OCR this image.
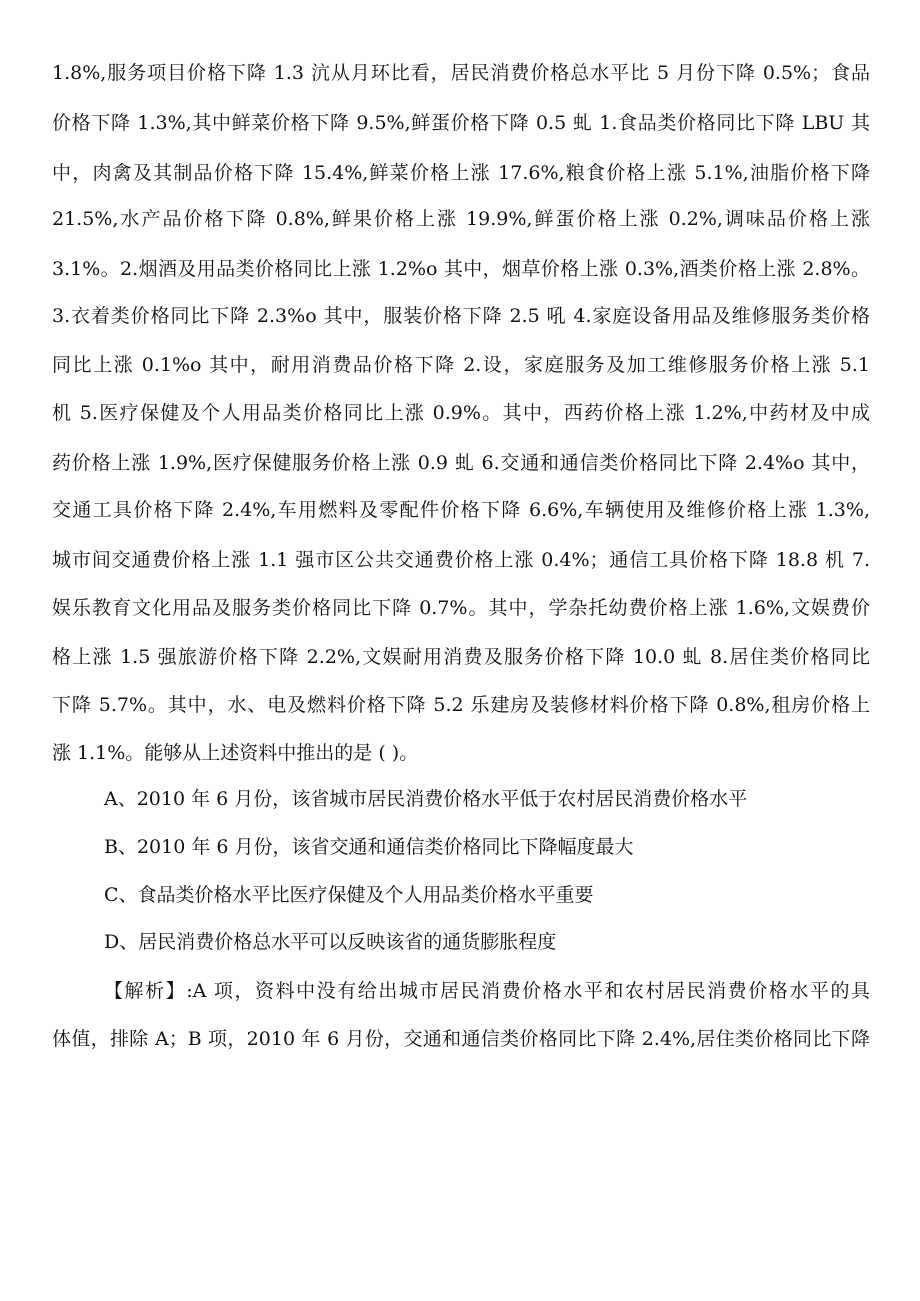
1.8%,服务项目价格下降 1.3 沆从月环比看，居民消费价格总水平比 5 月份下降 0.5%；食品
价格下降 1.3%,其中鲜菜价格下降 9.5%,鲜蛋价格下降 0.5 虬 1.食品类价格同比下降 LBU 其
中，肉禽及其制品价格下降 15.4%,鲜菜价格上涨 17.6%,粮食价格上涨 5.1%,油脂价格下降
21.5%,水产品价格下降 0.8%,鲜果价格上涨 19.9%,鲜蛋价格上涨 0.2%,调味品价格上涨
3.1%。2.烟酒及用品类价格同比上涨 1.2%o 其中，烟草价格上涨 0.3%,酒类价格上涨 2.8%。
3.衣着类价格同比下降 2.3%o 其中，服装价格下降 2.5 吼 4.家庭设备用品及维修服务类价格
同比上涨 0.1%o 其中，耐用消费品价格下降 2.设，家庭服务及加工维修服务价格上涨 5.1
机 5.医疗保健及个人用品类价格同比上涨 0.9%。其中，西药价格上涨 1.2%,中药材及中成
药价格上涨 1.9%,医疗保健服务价格上涨 0.9 虬 6.交通和通信类价格同比下降 2.4%o 其中，
交通工具价格下降 2.4%,车用燃料及零配件价格下降 6.6%,车辆使用及维修价格上涨 1.3%,
城市间交通费价格上涨 1.1 强市区公共交通费价格上涨 0.4%；通信工具价格下降 18.8 机 7.
娱乐教育文化用品及服务类价格同比下降 0.7%。其中，学杂托幼费价格上涨 1.6%,文娱费价
格上涨 1.5 强旅游价格下降 2.2%,文娱耐用消费及服务价格下降 10.0 虬 8.居住类价格同比
下降 5.7%。其中，水、电及燃料价格下降 5.2 乐建房及装修材料价格下降 0.8%,租房价格上
涨 1.1%。能够从上述资料中推出的是 ( )。
A、2010 年 6 月份，该省城市居民消费价格水平低于农村居民消费价格水平
B、2010 年 6 月份，该省交通和通信类价格同比下降幅度最大
C、食品类价格水平比医疗保健及个人用品类价格水平重要
D、居民消费价格总水平可以反映该省的通货膨胀程度
【解析】:A 项，资料中没有给出城市居民消费价格水平和农村居民消费价格水平的具
体值，排除 A；B 项，2010 年 6 月份，交通和通信类价格同比下降 2.4%,居住类价格同比下降
